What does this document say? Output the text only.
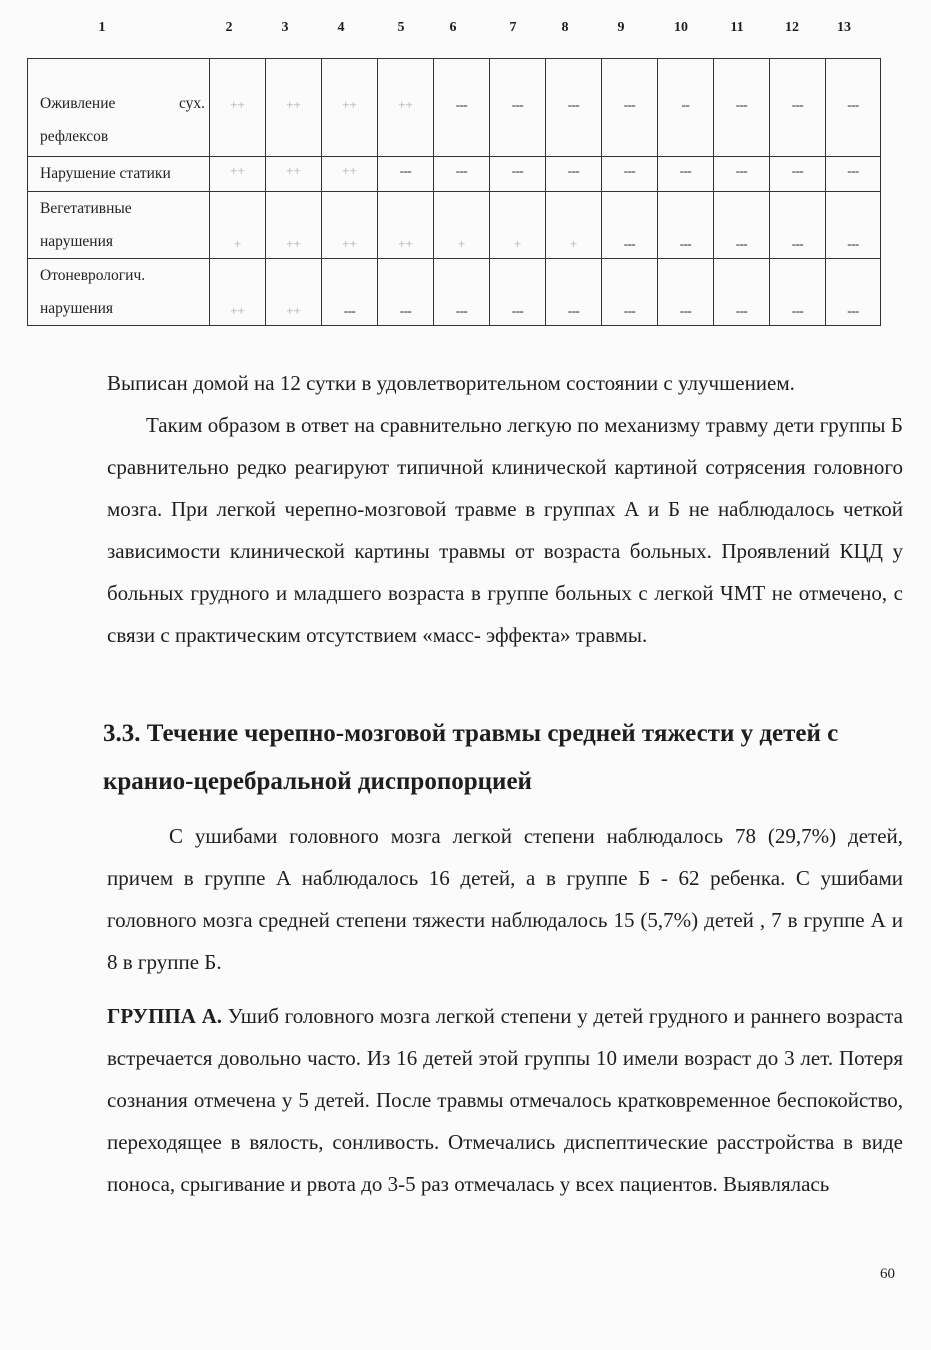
1	2	3	4	5	6	7	8	9	10	11	12	13
Оживление сух.
рефлексов	++	++	++	++	---	---	---	---	--	---	---	---
Нарушение статики	++	++	++	---	---	---	---	---	---	---	---	---

Вегетативные
нарушения	+	++	++	++	+	+	+	---	---	---	---	---

Отоневрологич.
нарушения	++	++	---	---	---	---	---	---	---	---	---	---

Выписан домой на 12 сутки в удовлетворительном состоянии с улучшением.

Таким образом в ответ на сравнительно легкую по механизму травму дети группы Б сравнительно редко реагируют типичной клинической картиной сотрясения головного мозга. При легкой черепно-мозговой травме в группах А и Б не наблюдалось четкой зависимости клинической картины травмы от возраста больных. Проявлений КЦД у больных грудного и младшего возраста в группе больных с легкой ЧМТ не отмечено, с связи с практическим отсутствием «масс- эффекта» травмы.

3.3. Течение черепно-мозговой травмы средней тяжести у детей с кранио-церебральной диспропорцией

С ушибами головного мозга легкой степени наблюдалось 78 (29,7%) детей, причем в группе А наблюдалось 16 детей, а в группе Б - 62 ребенка. С ушибами головного мозга средней степени тяжести наблюдалось 15 (5,7%) детей , 7 в группе А и 8 в группе Б.

ГРУППА А. Ушиб головного мозга легкой степени у детей грудного и раннего возраста встречается довольно часто. Из 16 детей этой группы 10 имели возраст до 3 лет. Потеря сознания отмечена у 5 детей. После травмы отмечалось кратковременное беспокойство, переходящее в вялость, сонливость. Отмечались диспептические расстройства в виде поноса, срыгивание и рвота до 3-5 раз отмечалась у всех пациентов. Выявлялась

60
